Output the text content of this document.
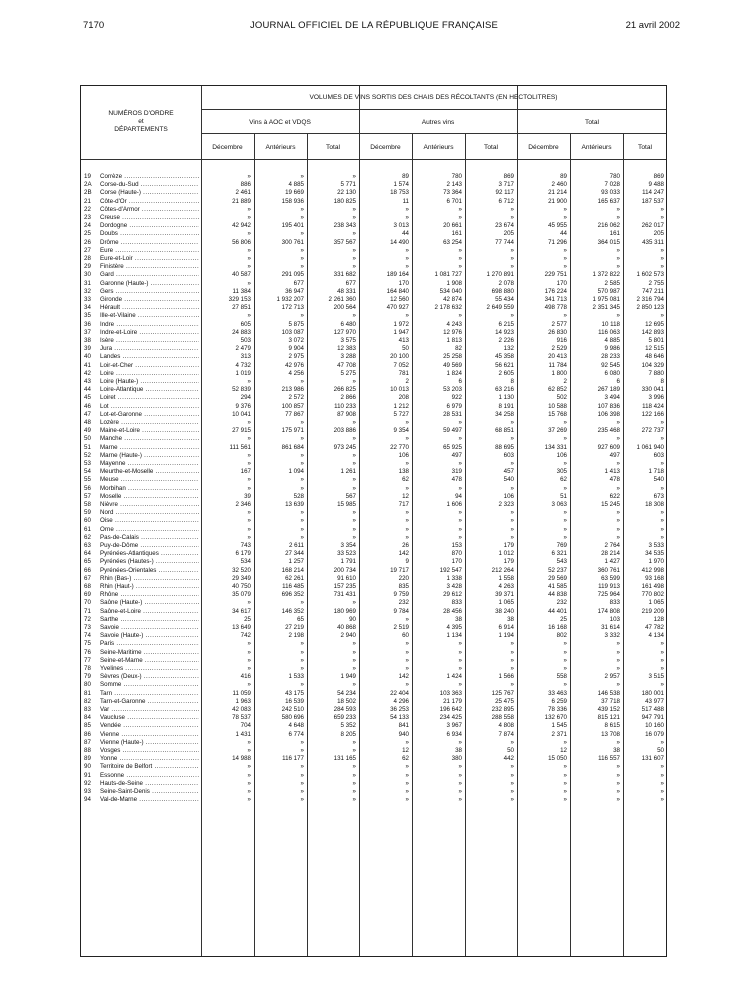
7170	JOURNAL OFFICIEL DE LA RÉPUBLIQUE FRANÇAISE	21 avril 2002
NUMÉROS D'ORDRE
et
DÉPARTEMENTS
VOLUMES DE VINS SORTIS DES CHAIS DES RÉCOLTANTS (EN HECTOLITRES)
Vins à AOC et VDQS	Autres vins	Total
Décembre	Antérieurs	Total	Décembre	Antérieurs	Total	Décembre	Antérieurs	Total
19	Corrèze .....	»	»	»	89	780	869	89	780	869
2A	Corse-du-Sud .....	886	4 885	5 771	1 574	2 143	3 717	2 460	7 028	9 488
2B	Corse (Haute-) .....	2 461	19 669	22 130	18 753	73 364	92 117	21 214	93 033	114 247
21	Côte-d'Or .....	21 889	158 936	180 825	11	6 701	6 712	21 900	165 637	187 537
22	Côtes-d'Armor .....	»	»	»	»	»	»	»	»	»
23	Creuse .....	»	»	»	»	»	»	»	»	»
24	Dordogne .....	42 942	195 401	238 343	3 013	20 661	23 674	45 955	216 062	262 017
25	Doubs .....	»	»	»	44	161	205	44	161	205
26	Drôme .....	56 806	300 761	357 567	14 490	63 254	77 744	71 296	364 015	435 311
27	Eure .....	»	»	»	»	»	»	»	»	»
28	Eure-et-Loir .....	»	»	»	»	»	»	»	»	»
29	Finistère .....	»	»	»	»	»	»	»	»	»
30	Gard .....	40 587	291 095	331 682	189 164	1 081 727	1 270 891	229 751	1 372 822	1 602 573
31	Garonne (Haute-) .....	»	677	677	170	1 908	2 078	170	2 585	2 755
32	Gers .....	11 384	36 947	48 331	164 840	534 040	698 880	176 224	570 987	747 211
33	Gironde .....	329 153	1 932 207	2 261 360	12 560	42 874	55 434	341 713	1 975 081	2 316 794
34	Hérault .....	27 851	172 713	200 564	470 927	2 178 632	2 649 559	498 778	2 351 345	2 850 123
35	Ille-et-Vilaine .....	»	»	»	»	»	»	»	»	»
36	Indre .....	605	5 875	6 480	1 972	4 243	6 215	2 577	10 118	12 695
37	Indre-et-Loire .....	24 883	103 087	127 970	1 947	12 976	14 923	26 830	116 063	142 893
38	Isère .....	503	3 072	3 575	413	1 813	2 226	916	4 885	5 801
39	Jura .....	2 479	9 904	12 383	50	82	132	2 529	9 986	12 515
40	Landes .....	313	2 975	3 288	20 100	25 258	45 358	20 413	28 233	48 646
41	Loir-et-Cher .....	4 732	42 976	47 708	7 052	49 569	56 621	11 784	92 545	104 329
42	Loire .....	1 019	4 256	5 275	781	1 824	2 605	1 800	6 080	7 880
43	Loire (Haute-) .....	»	»	»	2	6	8	2	6	8
44	Loire-Atlantique .....	52 839	213 986	266 825	10 013	53 203	63 216	62 852	267 189	330 041
45	Loiret .....	294	2 572	2 866	208	922	1 130	502	3 494	3 996
46	Lot .....	9 376	100 857	110 233	1 212	6 979	8 191	10 588	107 836	118 424
47	Lot-et-Garonne .....	10 041	77 867	87 908	5 727	28 531	34 258	15 768	106 398	122 166
48	Lozère .....	»	»	»	»	»	»	»	»	»
49	Maine-et-Loire .....	27 915	175 971	203 886	9 354	59 497	68 851	37 269	235 468	272 737
50	Manche .....	»	»	»	»	»	»	»	»	»
51	Marne .....	111 561	861 684	973 245	22 770	65 925	88 695	134 331	927 609	1 061 940
52	Marne (Haute-) .....	»	»	»	106	497	603	106	497	603
53	Mayenne .....	»	»	»	»	»	»	»	»	»
54	Meurthe-et-Moselle .....	167	1 094	1 261	138	319	457	305	1 413	1 718
55	Meuse .....	»	»	»	62	478	540	62	478	540
56	Morbihan .....	»	»	»	»	»	»	»	»	»
57	Moselle .....	39	528	567	12	94	106	51	622	673
58	Nièvre .....	2 346	13 639	15 985	717	1 606	2 323	3 063	15 245	18 308
59	Nord .....	»	»	»	»	»	»	»	»	»
60	Oise .....	»	»	»	»	»	»	»	»	»
61	Orne .....	»	»	»	»	»	»	»	»	»
62	Pas-de-Calais .....	»	»	»	»	»	»	»	»	»
63	Puy-de-Dôme .....	743	2 611	3 354	26	153	179	769	2 764	3 533
64	Pyrénées-Atlantiques .....	6 179	27 344	33 523	142	870	1 012	6 321	28 214	34 535
65	Pyrénées (Hautes-) .....	534	1 257	1 791	9	170	179	543	1 427	1 970
66	Pyrénées-Orientales .....	32 520	168 214	200 734	19 717	192 547	212 264	52 237	360 761	412 998
67	Rhin (Bas-) .....	29 349	62 261	91 610	220	1 338	1 558	29 569	63 599	93 168
68	Rhin (Haut-) .....	40 750	116 485	157 235	835	3 428	4 263	41 585	119 913	161 498
69	Rhône .....	35 079	696 352	731 431	9 759	29 612	39 371	44 838	725 964	770 802
70	Saône (Haute-) .....	»	»	»	232	833	1 065	232	833	1 065
71	Saône-et-Loire .....	34 617	146 352	180 969	9 784	28 456	38 240	44 401	174 808	219 209
72	Sarthe .....	25	65	90	»	38	38	25	103	128
73	Savoie .....	13 649	27 219	40 868	2 519	4 395	6 914	16 168	31 614	47 782
74	Savoie (Haute-) .....	742	2 198	2 940	60	1 134	1 194	802	3 332	4 134
75	Paris .....	»	»	»	»	»	»	»	»	»
76	Seine-Maritime .....	»	»	»	»	»	»	»	»	»
77	Seine-et-Marne .....	»	»	»	»	»	»	»	»	»
78	Yvelines .....	»	»	»	»	»	»	»	»	»
79	Sèvres (Deux-) .....	416	1 533	1 949	142	1 424	1 566	558	2 957	3 515
80	Somme .....	»	»	»	»	»	»	»	»	»
81	Tarn .....	11 059	43 175	54 234	22 404	103 363	125 767	33 463	146 538	180 001
82	Tarn-et-Garonne .....	1 963	16 539	18 502	4 296	21 179	25 475	6 259	37 718	43 977
83	Var .....	42 083	242 510	284 593	36 253	196 642	232 895	78 336	439 152	517 488
84	Vaucluse .....	78 537	580 696	659 233	54 133	234 425	288 558	132 670	815 121	947 791
85	Vendée .....	704	4 648	5 352	841	3 967	4 808	1 545	8 615	10 160
86	Vienne .....	1 431	6 774	8 205	940	6 934	7 874	2 371	13 708	16 079
87	Vienne (Haute-) .....	»	»	»	»	»	»	»	»	»
88	Vosges .....	»	»	»	12	38	50	12	38	50
89	Yonne .....	14 988	116 177	131 165	62	380	442	15 050	116 557	131 607
90	Territoire de Belfort .....	»	»	»	»	»	»	»	»	»
91	Essonne .....	»	»	»	»	»	»	»	»	»
92	Hauts-de-Seine .....	»	»	»	»	»	»	»	»	»
93	Seine-Saint-Denis .....	»	»	»	»	»	»	»	»	»
94	Val-de-Marne .....	»	»	»	»	»	»	»	»	»
